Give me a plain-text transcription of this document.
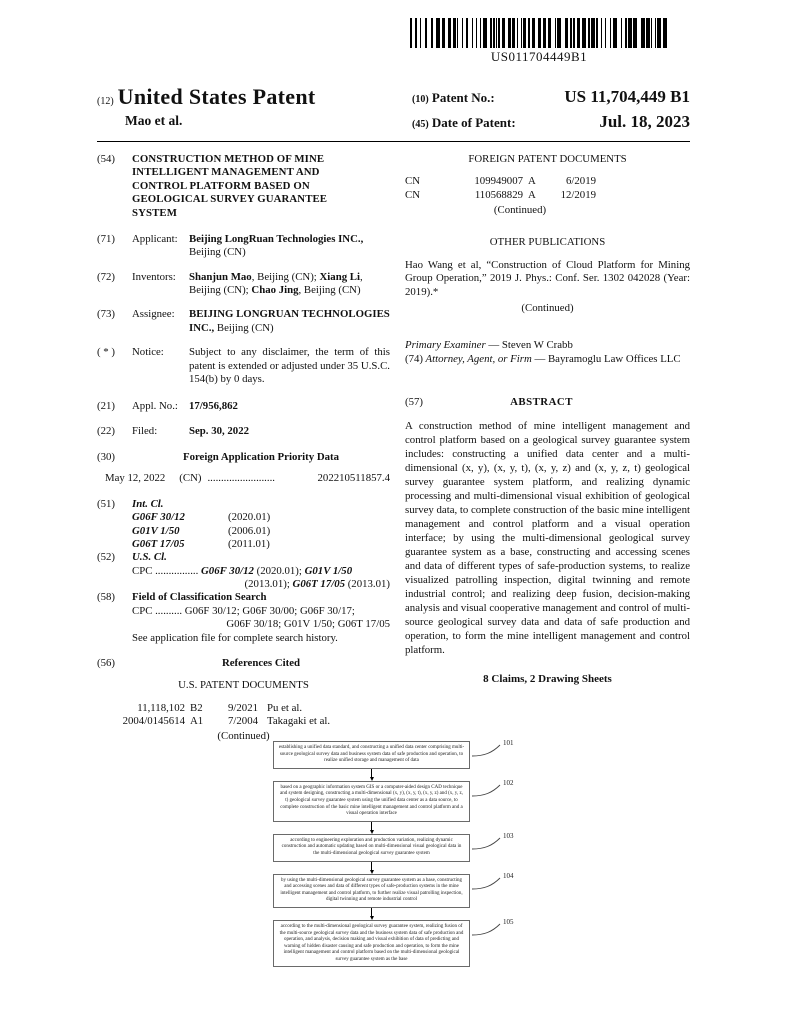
US011704449B1
(12) United States Patent
Mao et al.
(10) Patent No.:	US 11,704,449 B1
(45) Date of Patent:	Jul. 18, 2023
(54)	CONSTRUCTION METHOD OF MINE INTELLIGENT MANAGEMENT AND CONTROL PLATFORM BASED ON GEOLOGICAL SURVEY GUARANTEE SYSTEM
(71)	Applicant:	Beijing LongRuan Technologies INC., Beijing (CN)
(72)	Inventors:	Shanjun Mao, Beijing (CN); Xiang Li, Beijing (CN); Chao Jing, Beijing (CN)
(73)	Assignee:	BEIJING LONGRUAN TECHNOLOGIES INC., Beijing (CN)
( * )	Notice:	Subject to any disclaimer, the term of this patent is extended or adjusted under 35 U.S.C. 154(b) by 0 days.
(21)	Appl. No.:	17/956,862
(22)	Filed:	Sep. 30, 2022
(30)	Foreign Application Priority Data
May 12, 2022 (CN) .........................	202210511857.4
(51)	Int. Cl.
G06F 30/12	(2020.01)
G01V 1/50	(2006.01)
G06T 17/05	(2011.01)
(52)	U.S. Cl.
CPC ................ G06F 30/12 (2020.01); G01V 1/50
(2013.01); G06T 17/05 (2013.01)
(58)	Field of Classification Search
CPC .......... G06F 30/12; G06F 30/00; G06F 30/17;
G06F 30/18; G01V 1/50; G06T 17/05
See application file for complete search history.
(56)	References Cited
U.S. PATENT DOCUMENTS
11,118,102 B2	9/2021 Pu et al.
2004/0145614 A1	7/2004 Takagaki et al.
(Continued)
FOREIGN PATENT DOCUMENTS
CN	109949007 A	6/2019
CN	110568829 A	12/2019
(Continued)
OTHER PUBLICATIONS
Hao Wang et al, “Construction of Cloud Platform for Mining Group Operation,” 2019 J. Phys.: Conf. Ser. 1302 042028 (Year: 2019).*
(Continued)
Primary Examiner — Steven W Crabb
(74) Attorney, Agent, or Firm — Bayramoglu Law Offices LLC
(57)	ABSTRACT
A construction method of mine intelligent management and control platform based on a geological survey guarantee system includes: constructing a unified data center and a multi-dimensional (x, y), (x, y, t), (x, y, z) and (x, y, z, t) geological survey guarantee system platform, and realizing dynamic processing and multi-dimensional visual exhibition of geological survey data, to complete construction of the basic mine intelligent management and control platform and a visual operation interface; by using the multi-dimensional geological survey guarantee system as a base, constructing and accessing scenes and data of different types of safe-production systems, to realize visualized patrolling inspection, digital twinning and remote industrial control; and realizing deep fusion, decision-making analysis and visual cooperative management and control of multi-source geological survey data and data of safe production and operation, to form the mine intelligent management and control platform.
8 Claims, 2 Drawing Sheets
establishing a unified data standard, and constructing a unified data center comprising multi-source geological survey data and business system data of safe production and operation, to realize unified storage and management of data
101
based on a geographic information system GIS or a computer-aided design CAD technique and system designing, constructing a multi-dimensional (x, y), (x, y, t), (x, y, z) and (x, y, z, t) geological survey guarantee system using the unified data center as a data source, to complete construction of the basic mine intelligent management and control platform and a visual operation interface
102
according to engineering exploration and production variation, realizing dynamic construction and automatic updating based on multi-dimensional visual geological data in the multi-dimensional geological survey guarantee system
103
by using the multi-dimensional geological survey guarantee system as a base, constructing and accessing scenes and data of different types of safe-production systems in the mine intelligent management and control platform, to further realize visual patrolling inspection, digital twinning and remote industrial control
104
according to the multi-dimensional geological survey guarantee system, realizing fusion of the multi-source geological survey data and the business system data of safe production and operation, and analysis, decision making and visual exhibition of data of predicting and warning of hidden disaster causing and safe production and operation, to form the mine intelligent management and control platform based on the multi-dimensional geological survey guarantee system as the base
105
